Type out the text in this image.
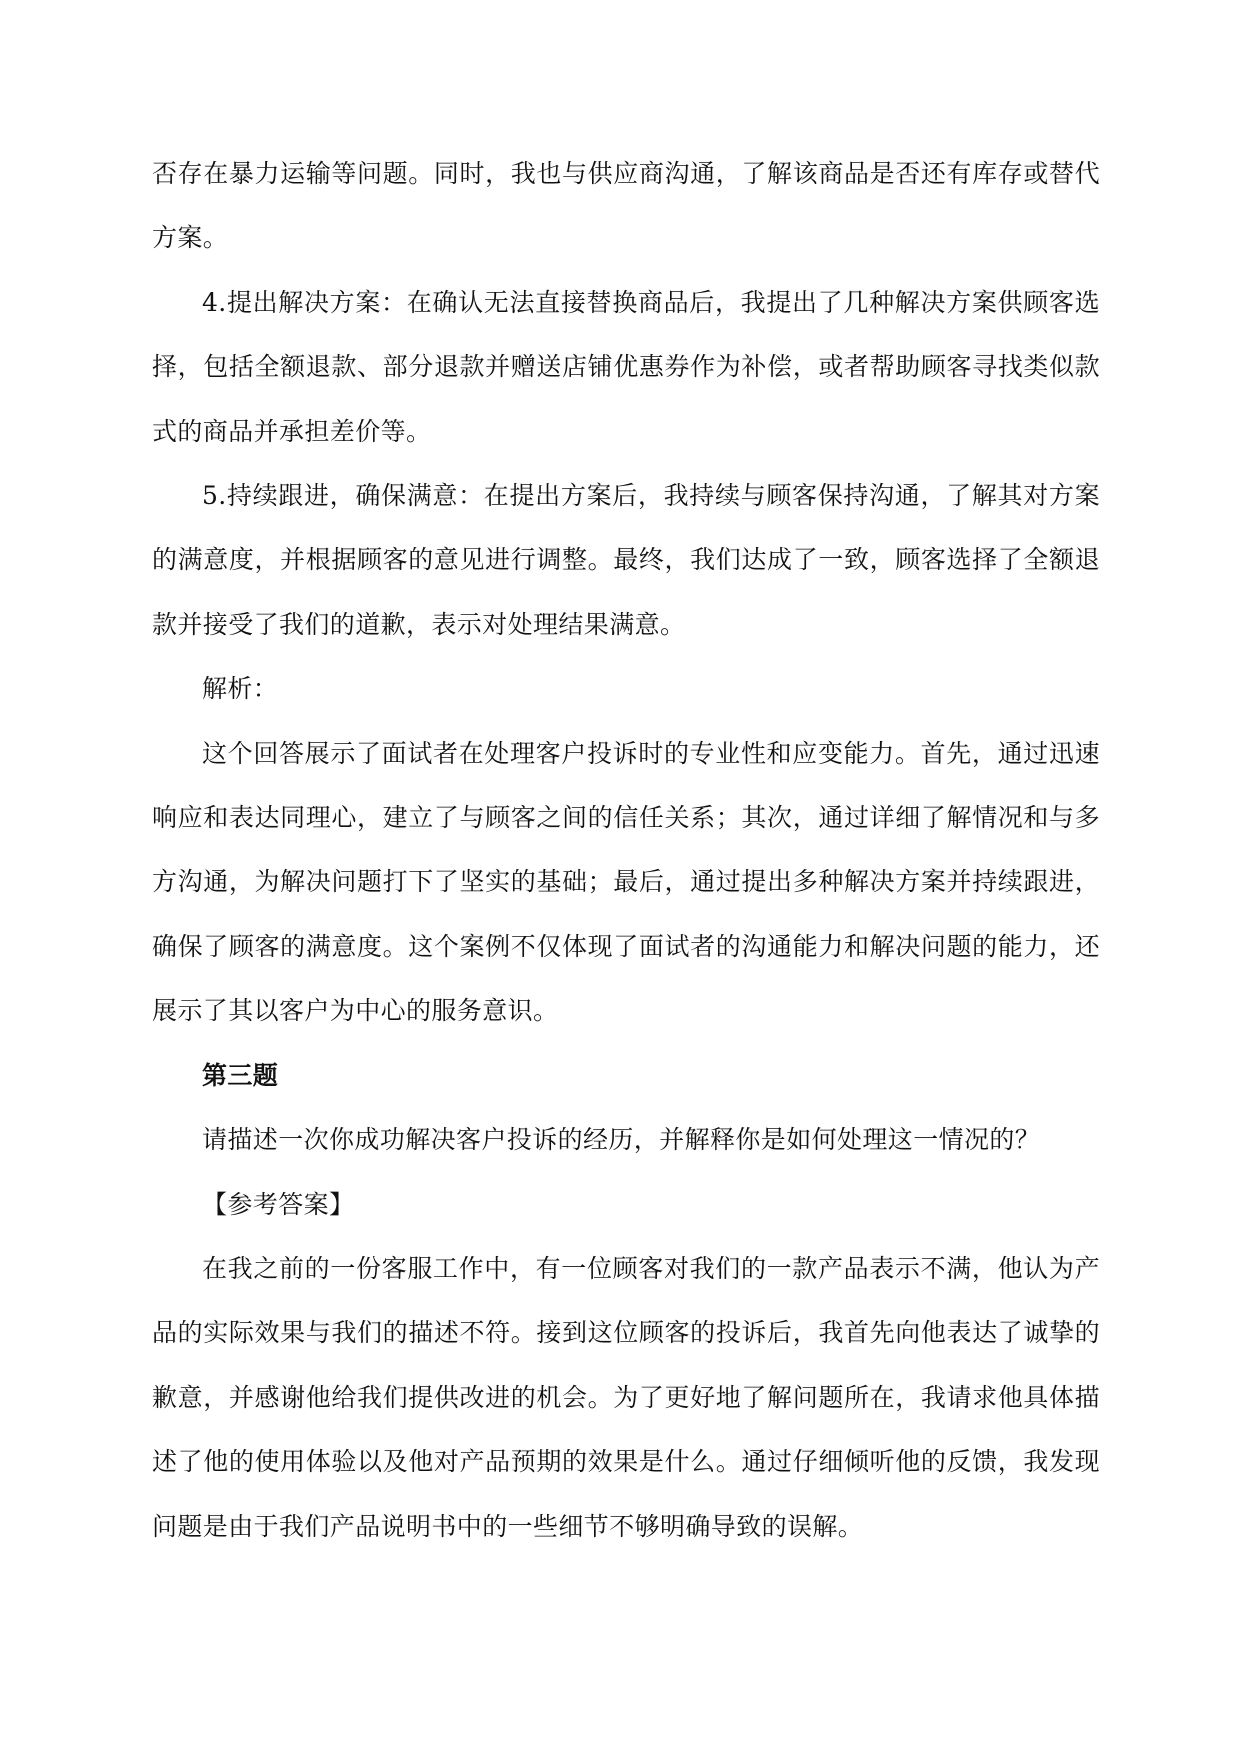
否存在暴力运输等问题。同时，我也与供应商沟通，了解该商品是否还有库存或替代方案。

4.提出解决方案：在确认无法直接替换商品后，我提出了几种解决方案供顾客选择，包括全额退款、部分退款并赠送店铺优惠券作为补偿，或者帮助顾客寻找类似款式的商品并承担差价等。

5.持续跟进，确保满意：在提出方案后，我持续与顾客保持沟通，了解其对方案的满意度，并根据顾客的意见进行调整。最终，我们达成了一致，顾客选择了全额退款并接受了我们的道歉，表示对处理结果满意。

解析：

这个回答展示了面试者在处理客户投诉时的专业性和应变能力。首先，通过迅速响应和表达同理心，建立了与顾客之间的信任关系；其次，通过详细了解情况和与多方沟通，为解决问题打下了坚实的基础；最后，通过提出多种解决方案并持续跟进，确保了顾客的满意度。这个案例不仅体现了面试者的沟通能力和解决问题的能力，还展示了其以客户为中心的服务意识。

第三题

请描述一次你成功解决客户投诉的经历，并解释你是如何处理这一情况的？

【参考答案】

在我之前的一份客服工作中，有一位顾客对我们的一款产品表示不满，他认为产品的实际效果与我们的描述不符。接到这位顾客的投诉后，我首先向他表达了诚挚的歉意，并感谢他给我们提供改进的机会。为了更好地了解问题所在，我请求他具体描述了他的使用体验以及他对产品预期的效果是什么。通过仔细倾听他的反馈，我发现问题是由于我们产品说明书中的一些细节不够明确导致的误解。
